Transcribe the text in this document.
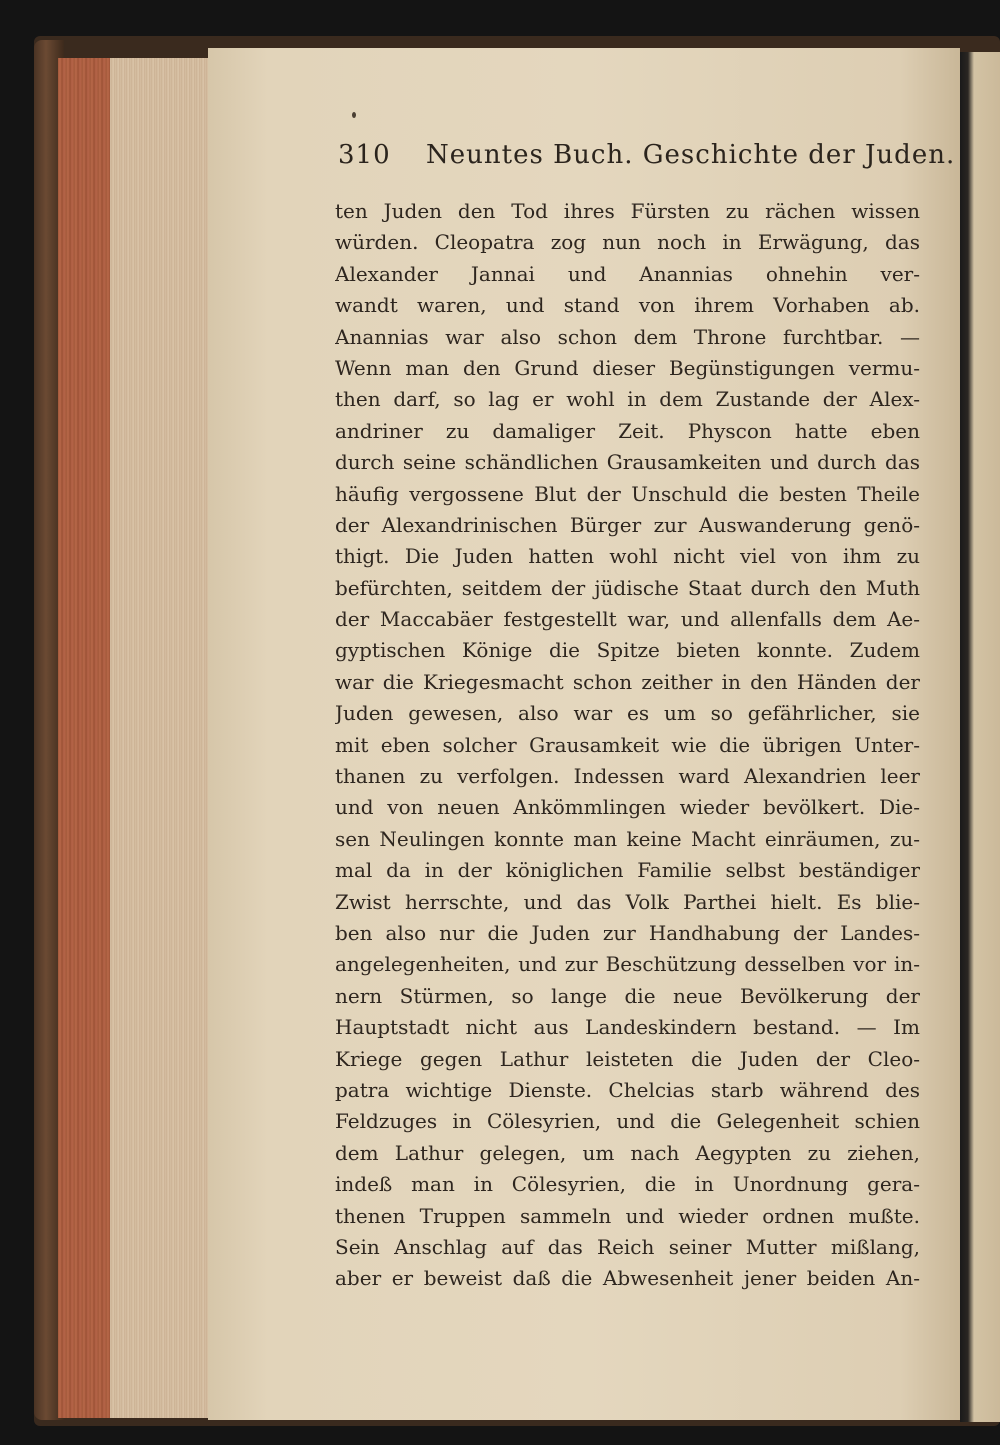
310 Neuntes Buch. Geschichte der Juden.
ten Juden den Tod ihres Fürsten zu rächen wissen
würden. Cleopatra zog nun noch in Erwägung, das
Alexander Jannai und Anannias ohnehin ver-
wandt waren, und stand von ihrem Vorhaben ab.
Anannias war also schon dem Throne furchtbar. —
Wenn man den Grund dieser Begünstigungen vermu-
then darf, so lag er wohl in dem Zustande der Alex-
andriner zu damaliger Zeit. Physcon hatte eben
durch seine schändlichen Grausamkeiten und durch das
häufig vergossene Blut der Unschuld die besten Theile
der Alexandrinischen Bürger zur Auswanderung genö-
thigt. Die Juden hatten wohl nicht viel von ihm zu
befürchten, seitdem der jüdische Staat durch den Muth
der Maccabäer festgestellt war, und allenfalls dem Ae-
gyptischen Könige die Spitze bieten konnte. Zudem
war die Kriegesmacht schon zeither in den Händen der
Juden gewesen, also war es um so gefährlicher, sie
mit eben solcher Grausamkeit wie die übrigen Unter-
thanen zu verfolgen. Indessen ward Alexandrien leer
und von neuen Ankömmlingen wieder bevölkert. Die-
sen Neulingen konnte man keine Macht einräumen, zu-
mal da in der königlichen Familie selbst beständiger
Zwist herrschte, und das Volk Parthei hielt. Es blie-
ben also nur die Juden zur Handhabung der Landes-
angelegenheiten, und zur Beschützung desselben vor in-
nern Stürmen, so lange die neue Bevölkerung der
Hauptstadt nicht aus Landeskindern bestand. — Im
Kriege gegen Lathur leisteten die Juden der Cleo-
patra wichtige Dienste. Chelcias starb während des
Feldzuges in Cölesyrien, und die Gelegenheit schien
dem Lathur gelegen, um nach Aegypten zu ziehen,
indeß man in Cölesyrien, die in Unordnung gera-
thenen Truppen sammeln und wieder ordnen mußte.
Sein Anschlag auf das Reich seiner Mutter mißlang,
aber er beweist daß die Abwesenheit jener beiden An-
